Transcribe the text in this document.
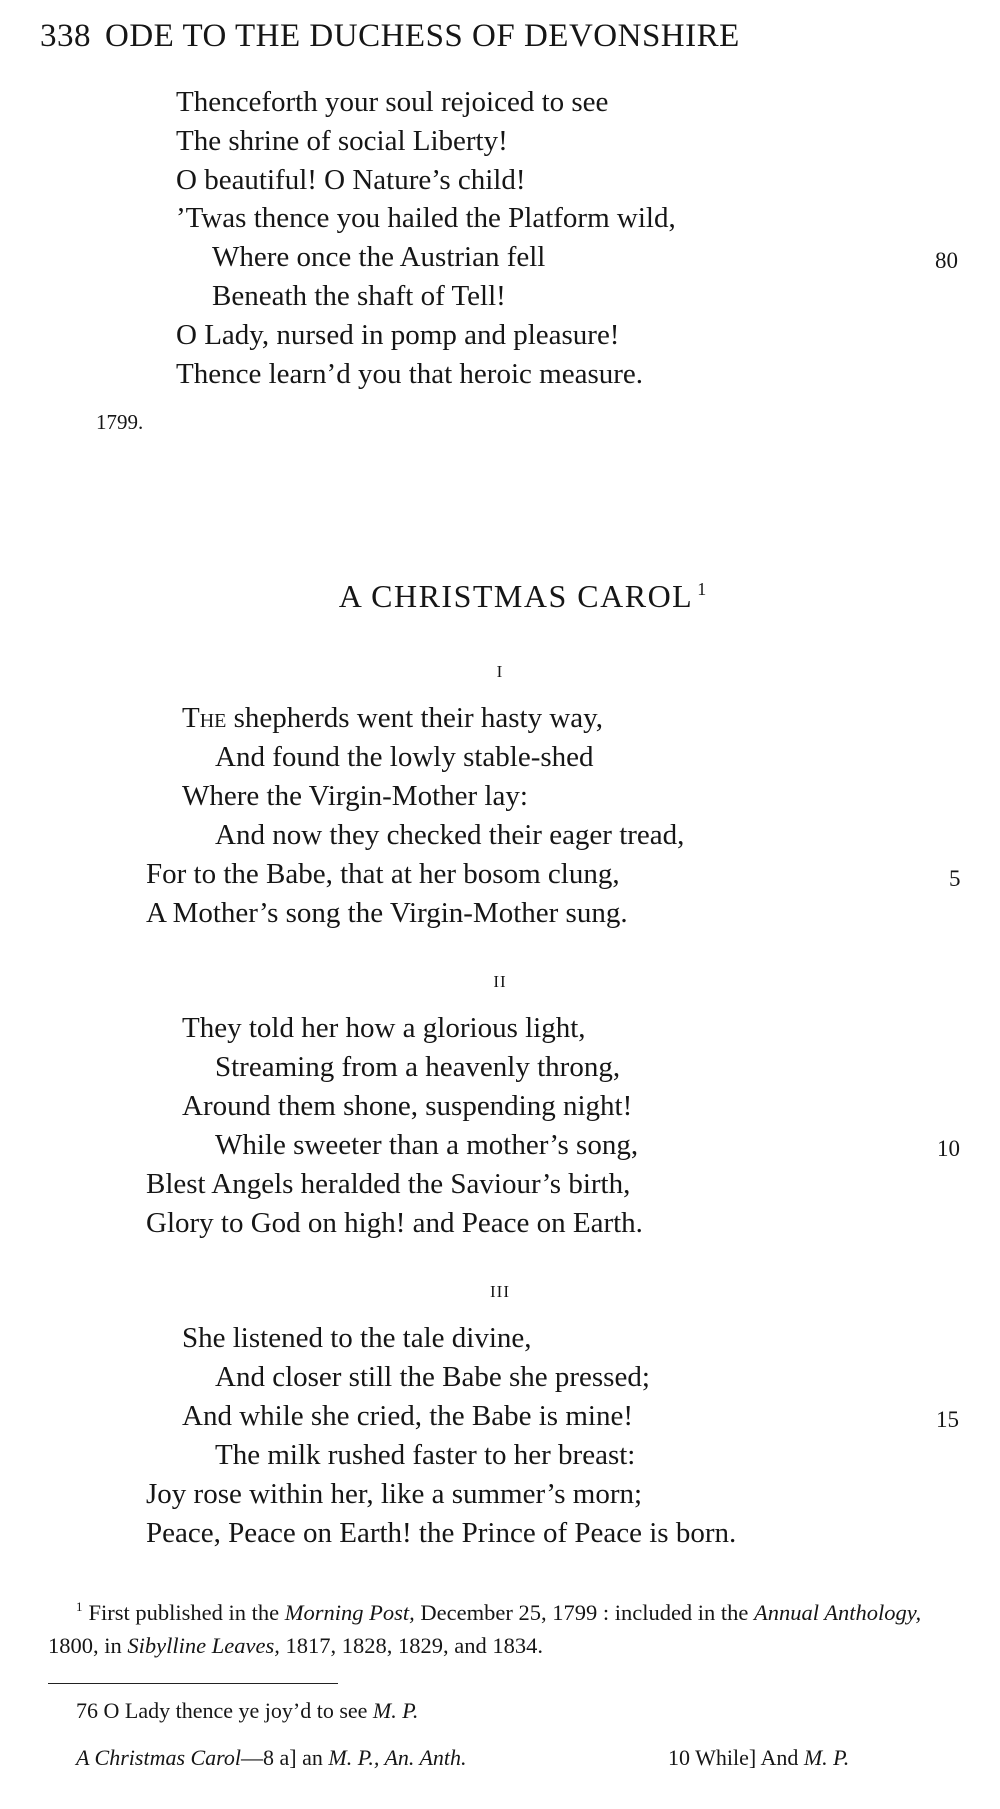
338 ODE TO THE DUCHESS OF DEVONSHIRE
Thenceforth your soul rejoiced to see
The shrine of social Liberty!
O beautiful! O Nature’s child!
’Twas thence you hailed the Platform wild,
Where once the Austrian fell	80
Beneath the shaft of Tell!
O Lady, nursed in pomp and pleasure!
Thence learn’d you that heroic measure.
1799.
A CHRISTMAS CAROL $^1$
I
The shepherds went their hasty way,
And found the lowly stable-shed
Where the Virgin-Mother lay:
And now they checked their eager tread,
For to the Babe, that at her bosom clung,	5
A Mother’s song the Virgin-Mother sung.
II
They told her how a glorious light,
Streaming from a heavenly throng,
Around them shone, suspending night!
While sweeter than a mother’s song,	10
Blest Angels heralded the Saviour’s birth,
Glory to God on high! and Peace on Earth.
III
She listened to the tale divine,
And closer still the Babe she pressed;
And while she cried, the Babe is mine!	15
The milk rushed faster to her breast:
Joy rose within her, like a summer’s morn;
Peace, Peace on Earth! the Prince of Peace is born.
$^1$ First published in the Morning Post, December 25, 1799 : included in the Annual Anthology, 1800, in Sibylline Leaves, 1817, 1828, 1829, and 1834.
76 O Lady thence ye joy’d to see M. P.
A Christmas Carol—8 a] an M. P., An. Anth.	10 While] And M. P.
